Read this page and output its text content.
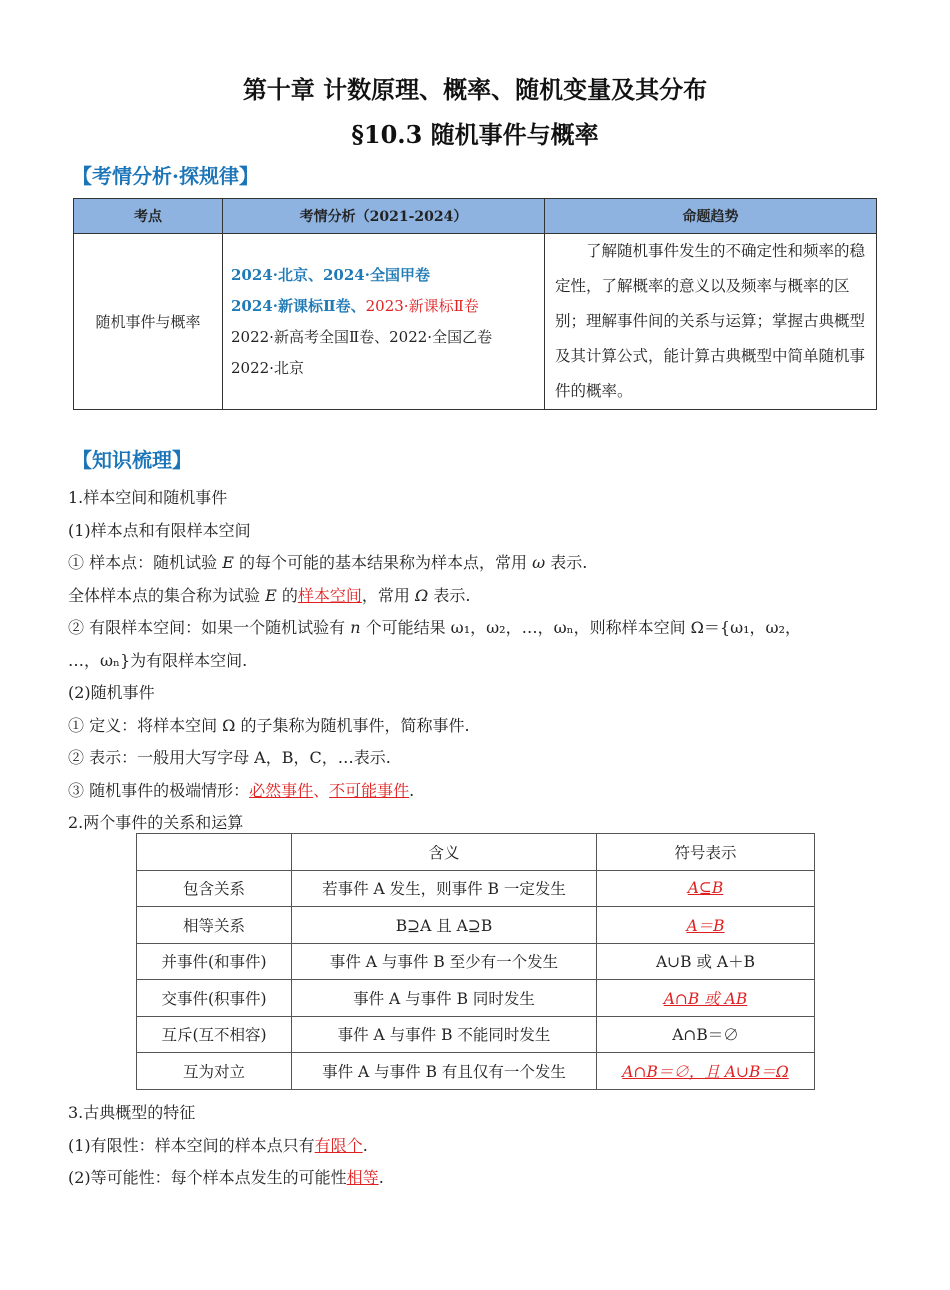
第十章 计数原理、概率、随机变量及其分布
§10.3 随机事件与概率
【考情分析·探规律】
考点	考情分析（2021-2024）	命题趋势
随机事件与概率	2024·北京、2024·全国甲卷
2024·新课标Ⅱ卷、2023·新课标Ⅱ卷
2022·新高考全国Ⅱ卷、2022·全国乙卷
2022·北京	了解随机事件发生的不确定性和频率的稳定性，了解概率的意义以及频率与概率的区别；理解事件间的关系与运算；掌握古典概型及其计算公式，能计算古典概型中简单随机事件的概率。
【知识梳理】
1.样本空间和随机事件
(1)样本点和有限样本空间
① 样本点：随机试验 E 的每个可能的基本结果称为样本点，常用 ω 表示.
全体样本点的集合称为试验 E 的样本空间，常用 Ω 表示.
② 有限样本空间：如果一个随机试验有 n 个可能结果 ω₁，ω₂，…，ωₙ，则称样本空间 Ω＝{ω₁，ω₂，
…，ωₙ}为有限样本空间.
(2)随机事件
① 定义：将样本空间 Ω 的子集称为随机事件，简称事件.
② 表示：一般用大写字母 A，B，C，…表示.
③ 随机事件的极端情形：必然事件、不可能事件.
2.两个事件的关系和运算
	含义	符号表示
包含关系	若事件 A 发生，则事件 B 一定发生	A⊆B
相等关系	B⊇A 且 A⊇B	A＝B
并事件(和事件)	事件 A 与事件 B 至少有一个发生	A∪B 或 A＋B
交事件(积事件)	事件 A 与事件 B 同时发生	A∩B 或 AB
互斥(互不相容)	事件 A 与事件 B 不能同时发生	A∩B＝∅
互为对立	事件 A 与事件 B 有且仅有一个发生	A∩B＝∅，且 A∪B＝Ω
3.古典概型的特征
(1)有限性：样本空间的样本点只有有限个.
(2)等可能性：每个样本点发生的可能性相等.
